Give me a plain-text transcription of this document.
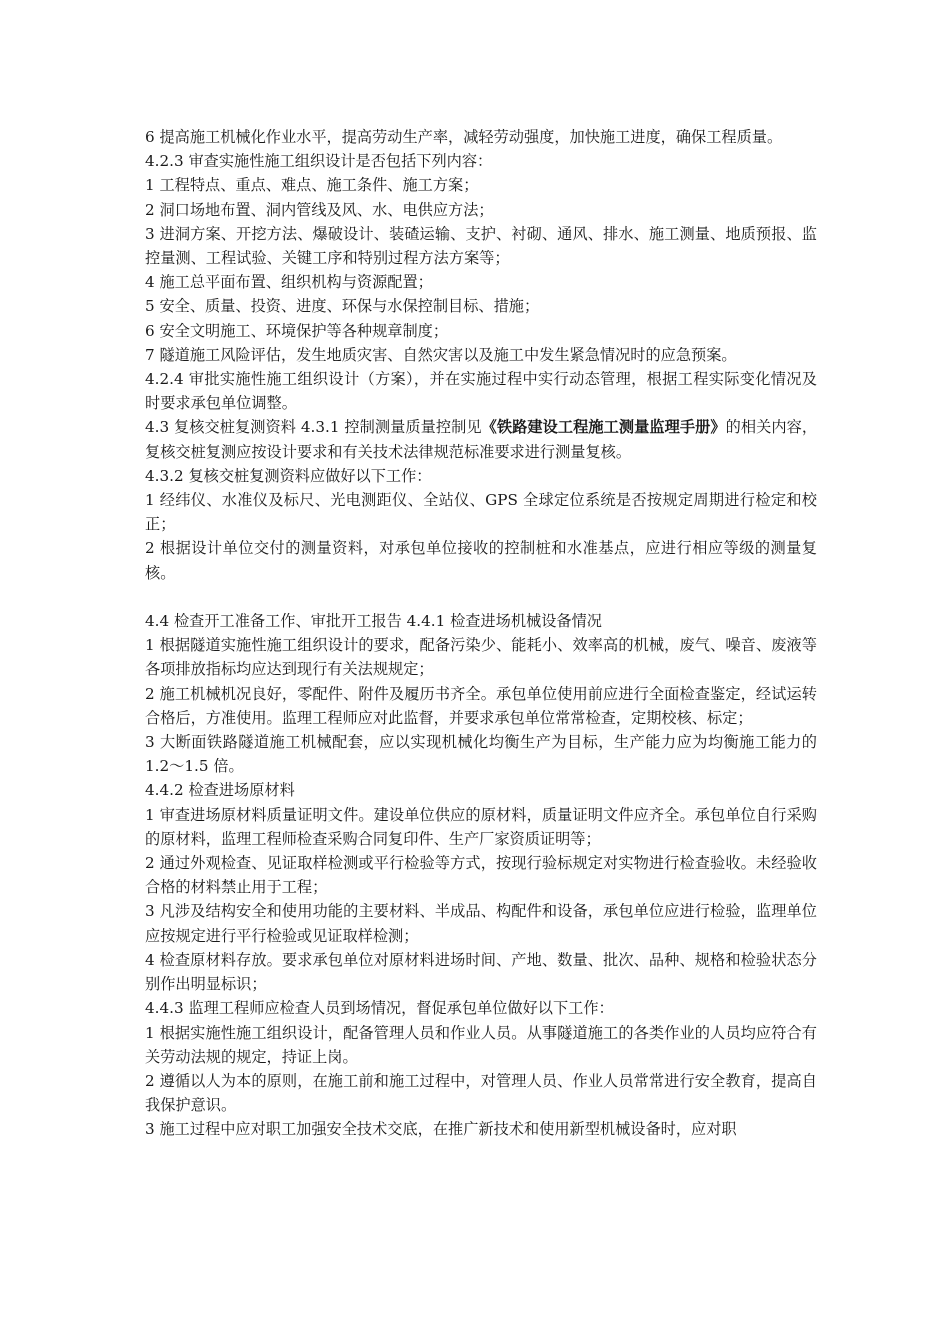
6 提高施工机械化作业水平，提高劳动生产率，减轻劳动强度，加快施工进度，确保工程质量。

4.2.3 审查实施性施工组织设计是否包括下列内容：

1 工程特点、重点、难点、施工条件、施工方案；

2 洞口场地布置、洞内管线及风、水、电供应方法；

3 进洞方案、开挖方法、爆破设计、装碴运输、支护、衬砌、通风、排水、施工测量、地质预报、监控量测、工程试验、关键工序和特别过程方法方案等；

4 施工总平面布置、组织机构与资源配置；

5 安全、质量、投资、进度、环保与水保控制目标、措施；

6 安全文明施工、环境保护等各种规章制度；

7 隧道施工风险评估，发生地质灾害、自然灾害以及施工中发生紧急情况时的应急预案。

4.2.4 审批实施性施工组织设计（方案），并在实施过程中实行动态管理，根据工程实际变化情况及时要求承包单位调整。

4.3 复核交桩复测资料 4.3.1 控制测量质量控制见《铁路建设工程施工测量监理手册》的相关内容，复核交桩复测应按设计要求和有关技术法律规范标准要求进行测量复核。

4.3.2 复核交桩复测资料应做好以下工作：

1 经纬仪、水准仪及标尺、光电测距仪、全站仪、GPS 全球定位系统是否按规定周期进行检定和校正；

2 根据设计单位交付的测量资料，对承包单位接收的控制桩和水准基点，应进行相应等级的测量复核。

4.4 检查开工准备工作、审批开工报告 4.4.1 检查进场机械设备情况

1 根据隧道实施性施工组织设计的要求，配备污染少、能耗小、效率高的机械，废气、噪音、废液等各项排放指标均应达到现行有关法规规定；

2 施工机械机况良好，零配件、附件及履历书齐全。承包单位使用前应进行全面检查鉴定，经试运转合格后，方准使用。监理工程师应对此监督，并要求承包单位常常检查，定期校核、标定；

3 大断面铁路隧道施工机械配套，应以实现机械化均衡生产为目标，生产能力应为均衡施工能力的 1.2～1.5 倍。

4.4.2 检查进场原材料

1 审查进场原材料质量证明文件。建设单位供应的原材料，质量证明文件应齐全。承包单位自行采购的原材料，监理工程师检查采购合同复印件、生产厂家资质证明等；

2 通过外观检查、见证取样检测或平行检验等方式，按现行验标规定对实物进行检查验收。未经验收合格的材料禁止用于工程；

3 凡涉及结构安全和使用功能的主要材料、半成品、构配件和设备，承包单位应进行检验，监理单位应按规定进行平行检验或见证取样检测；

4 检查原材料存放。要求承包单位对原材料进场时间、产地、数量、批次、品种、规格和检验状态分别作出明显标识；

4.4.3 监理工程师应检查人员到场情况，督促承包单位做好以下工作：

1 根据实施性施工组织设计，配备管理人员和作业人员。从事隧道施工的各类作业的人员均应符合有关劳动法规的规定，持证上岗。

2 遵循以人为本的原则，在施工前和施工过程中，对管理人员、作业人员常常进行安全教育，提高自我保护意识。

3 施工过程中应对职工加强安全技术交底，在推广新技术和使用新型机械设备时，应对职
